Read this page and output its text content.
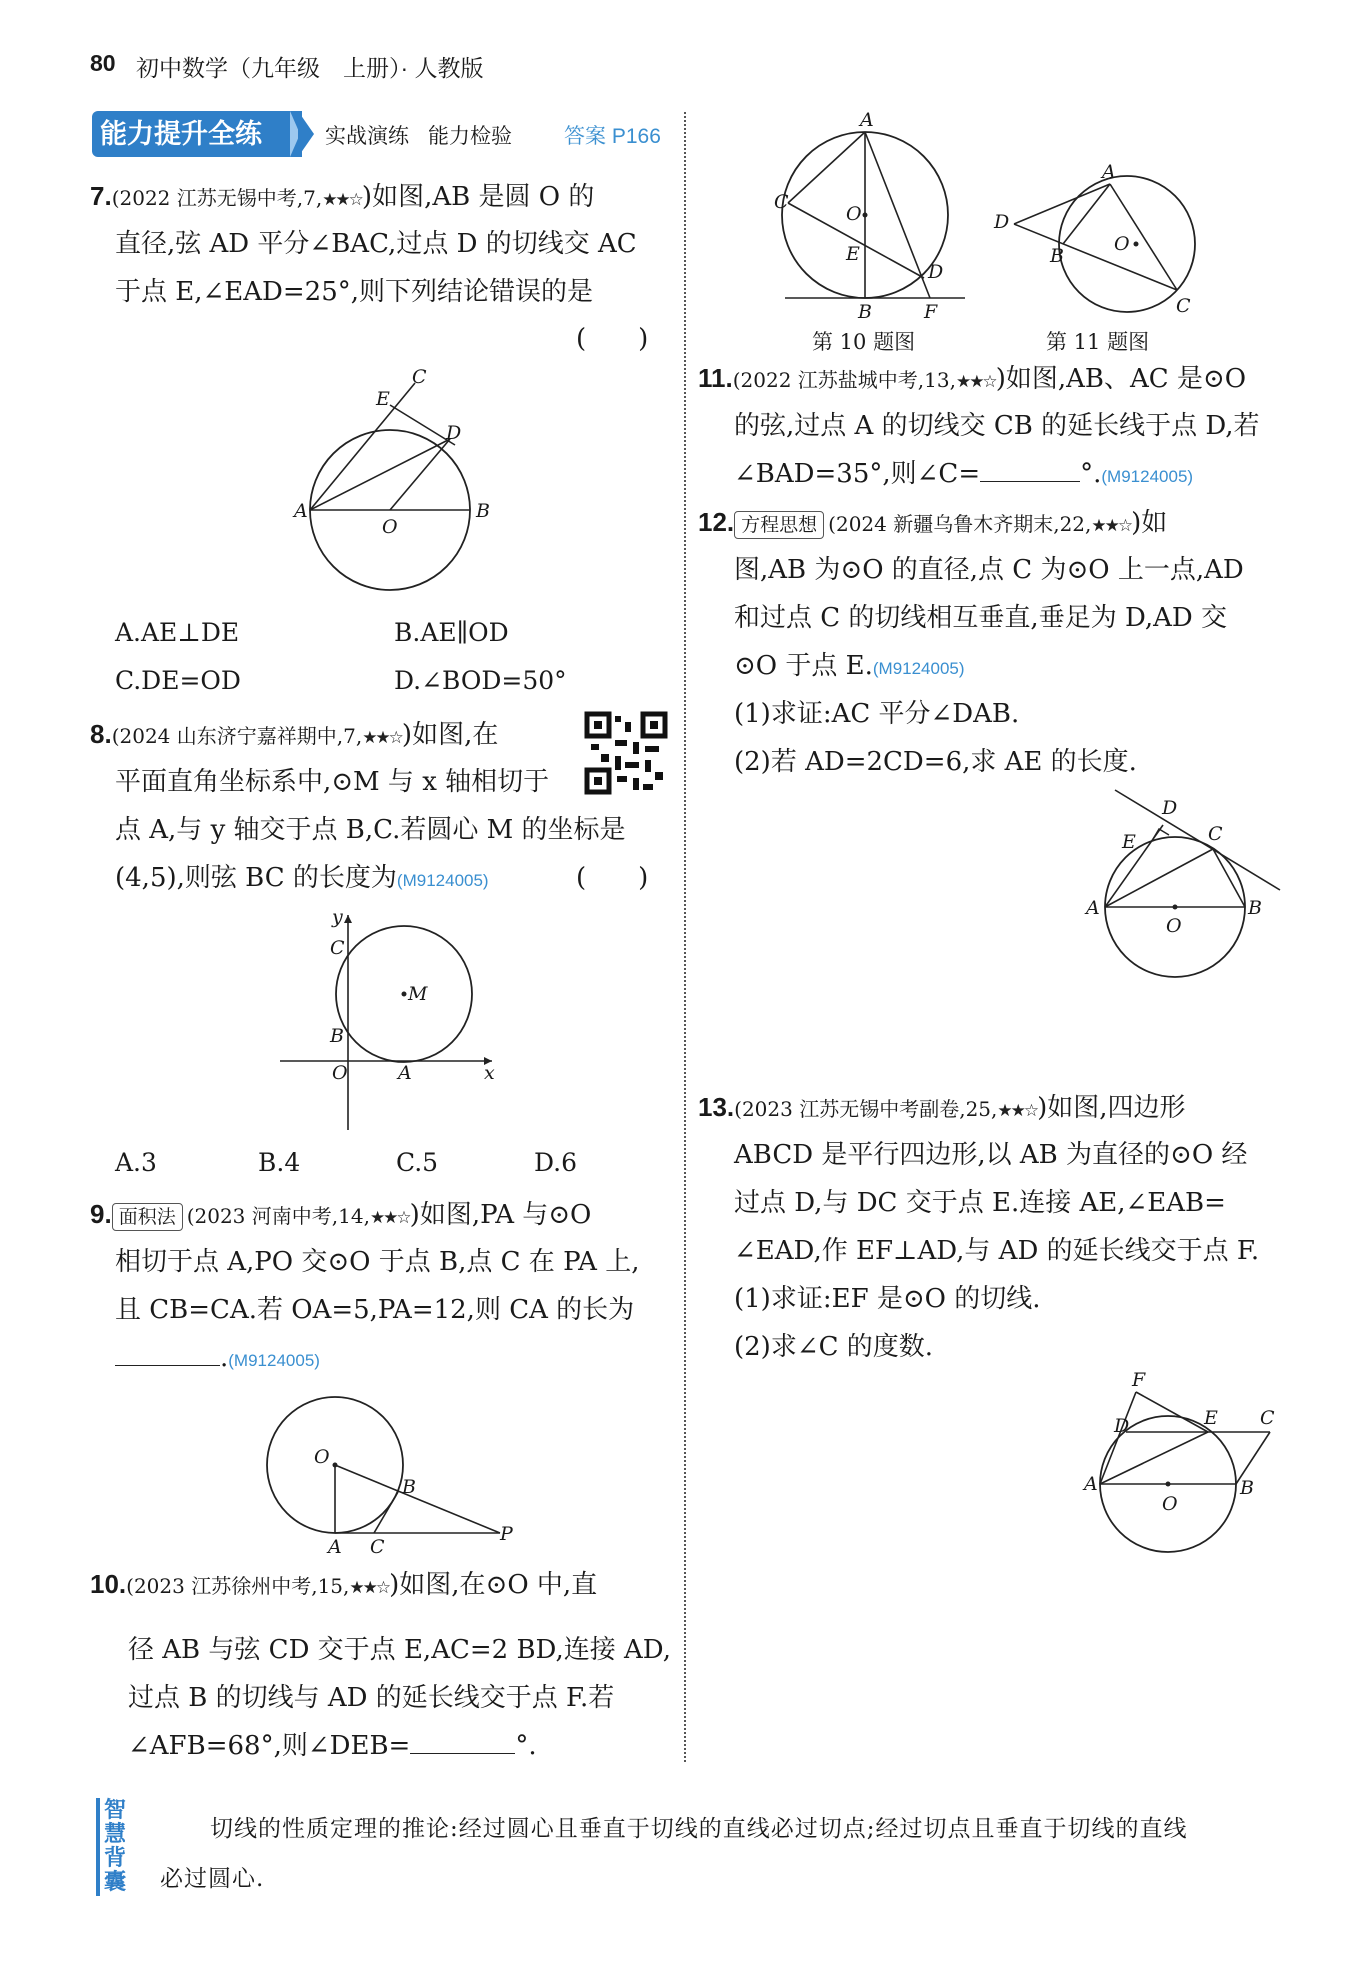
80 初中数学（九年级　上册）· 人教版
能力提升全练	实战演练 能力检验 答案 P166
7.(2022 江苏无锡中考,7,★★☆)如图,AB 是圆 O 的
直径,弦 AD 平分∠BAC,过点 D 的切线交 AC
于点 E,∠EAD=25°,则下列结论错误的是
(　　)
C
E
D
A	B
O
A.AE⊥DE	B.AE∥OD
C.DE=OD	D.∠BOD=50°
8.(2024 山东济宁嘉祥期中,7,★★☆)如图,在
平面直角坐标系中,⊙M 与 x 轴相切于
点 A,与 y 轴交于点 B,C.若圆心 M 的坐标是
(4,5),则弦 BC 的长度为(M9124005)	(　　)
y
C
B
O	A	x
M
A.3	B.4	C.5	D.6
9. 面积法 (2023 河南中考,14,★★☆)如图,PA 与⊙O
相切于点 A,PO 交⊙O 于点 B,点 C 在 PA 上,
且 CB=CA.若 OA=5,PA=12,则 CA 的长为
.(M9124005)
O
B
A C
P
10.(2023 江苏徐州中考,15,★★☆)如图,在⊙O 中,直
径 AB 与弦 CD 交于点 E,AC=2 BD,连接 AD,
过点 B 的切线与 AD 的延长线交于点 F.若
∠AFB=68°,则∠DEB=	°.
A
C
O
E
D
B	F
第 10 题图
A
D
B
O
C
第 11 题图
11.(2022 江苏盐城中考,13,★★☆)如图,AB、AC 是⊙O
的弦,过点 A 的切线交 CB 的延长线于点 D,若
∠BAD=35°,则∠C=	°.(M9124005)
12. 方程思想 (2024 新疆乌鲁木齐期末,22,★★☆)如
图,AB 为⊙O 的直径,点 C 为⊙O 上一点,AD
和过点 C 的切线相互垂直,垂足为 D,AD 交
⊙O 于点 E.(M9124005)
(1)求证:AC 平分∠DAB.
(2)若 AD=2CD=6,求 AE 的长度.
D
E	C
A	B
O
13.(2023 江苏无锡中考副卷,25,★★☆)如图,四边形
ABCD 是平行四边形,以 AB 为直径的⊙O 经
过点 D,与 DC 交于点 E.连接 AE,∠EAB=
∠EAD,作 EF⊥AD,与 AD 的延长线交于点 F.
(1)求证:EF 是⊙O 的切线.
(2)求∠C 的度数.
F
D	E C
A	B
O
智慧背囊
切线的性质定理的推论:经过圆心且垂直于切线的直线必过切点;经过切点且垂直于切线的直线
必过圆心.
